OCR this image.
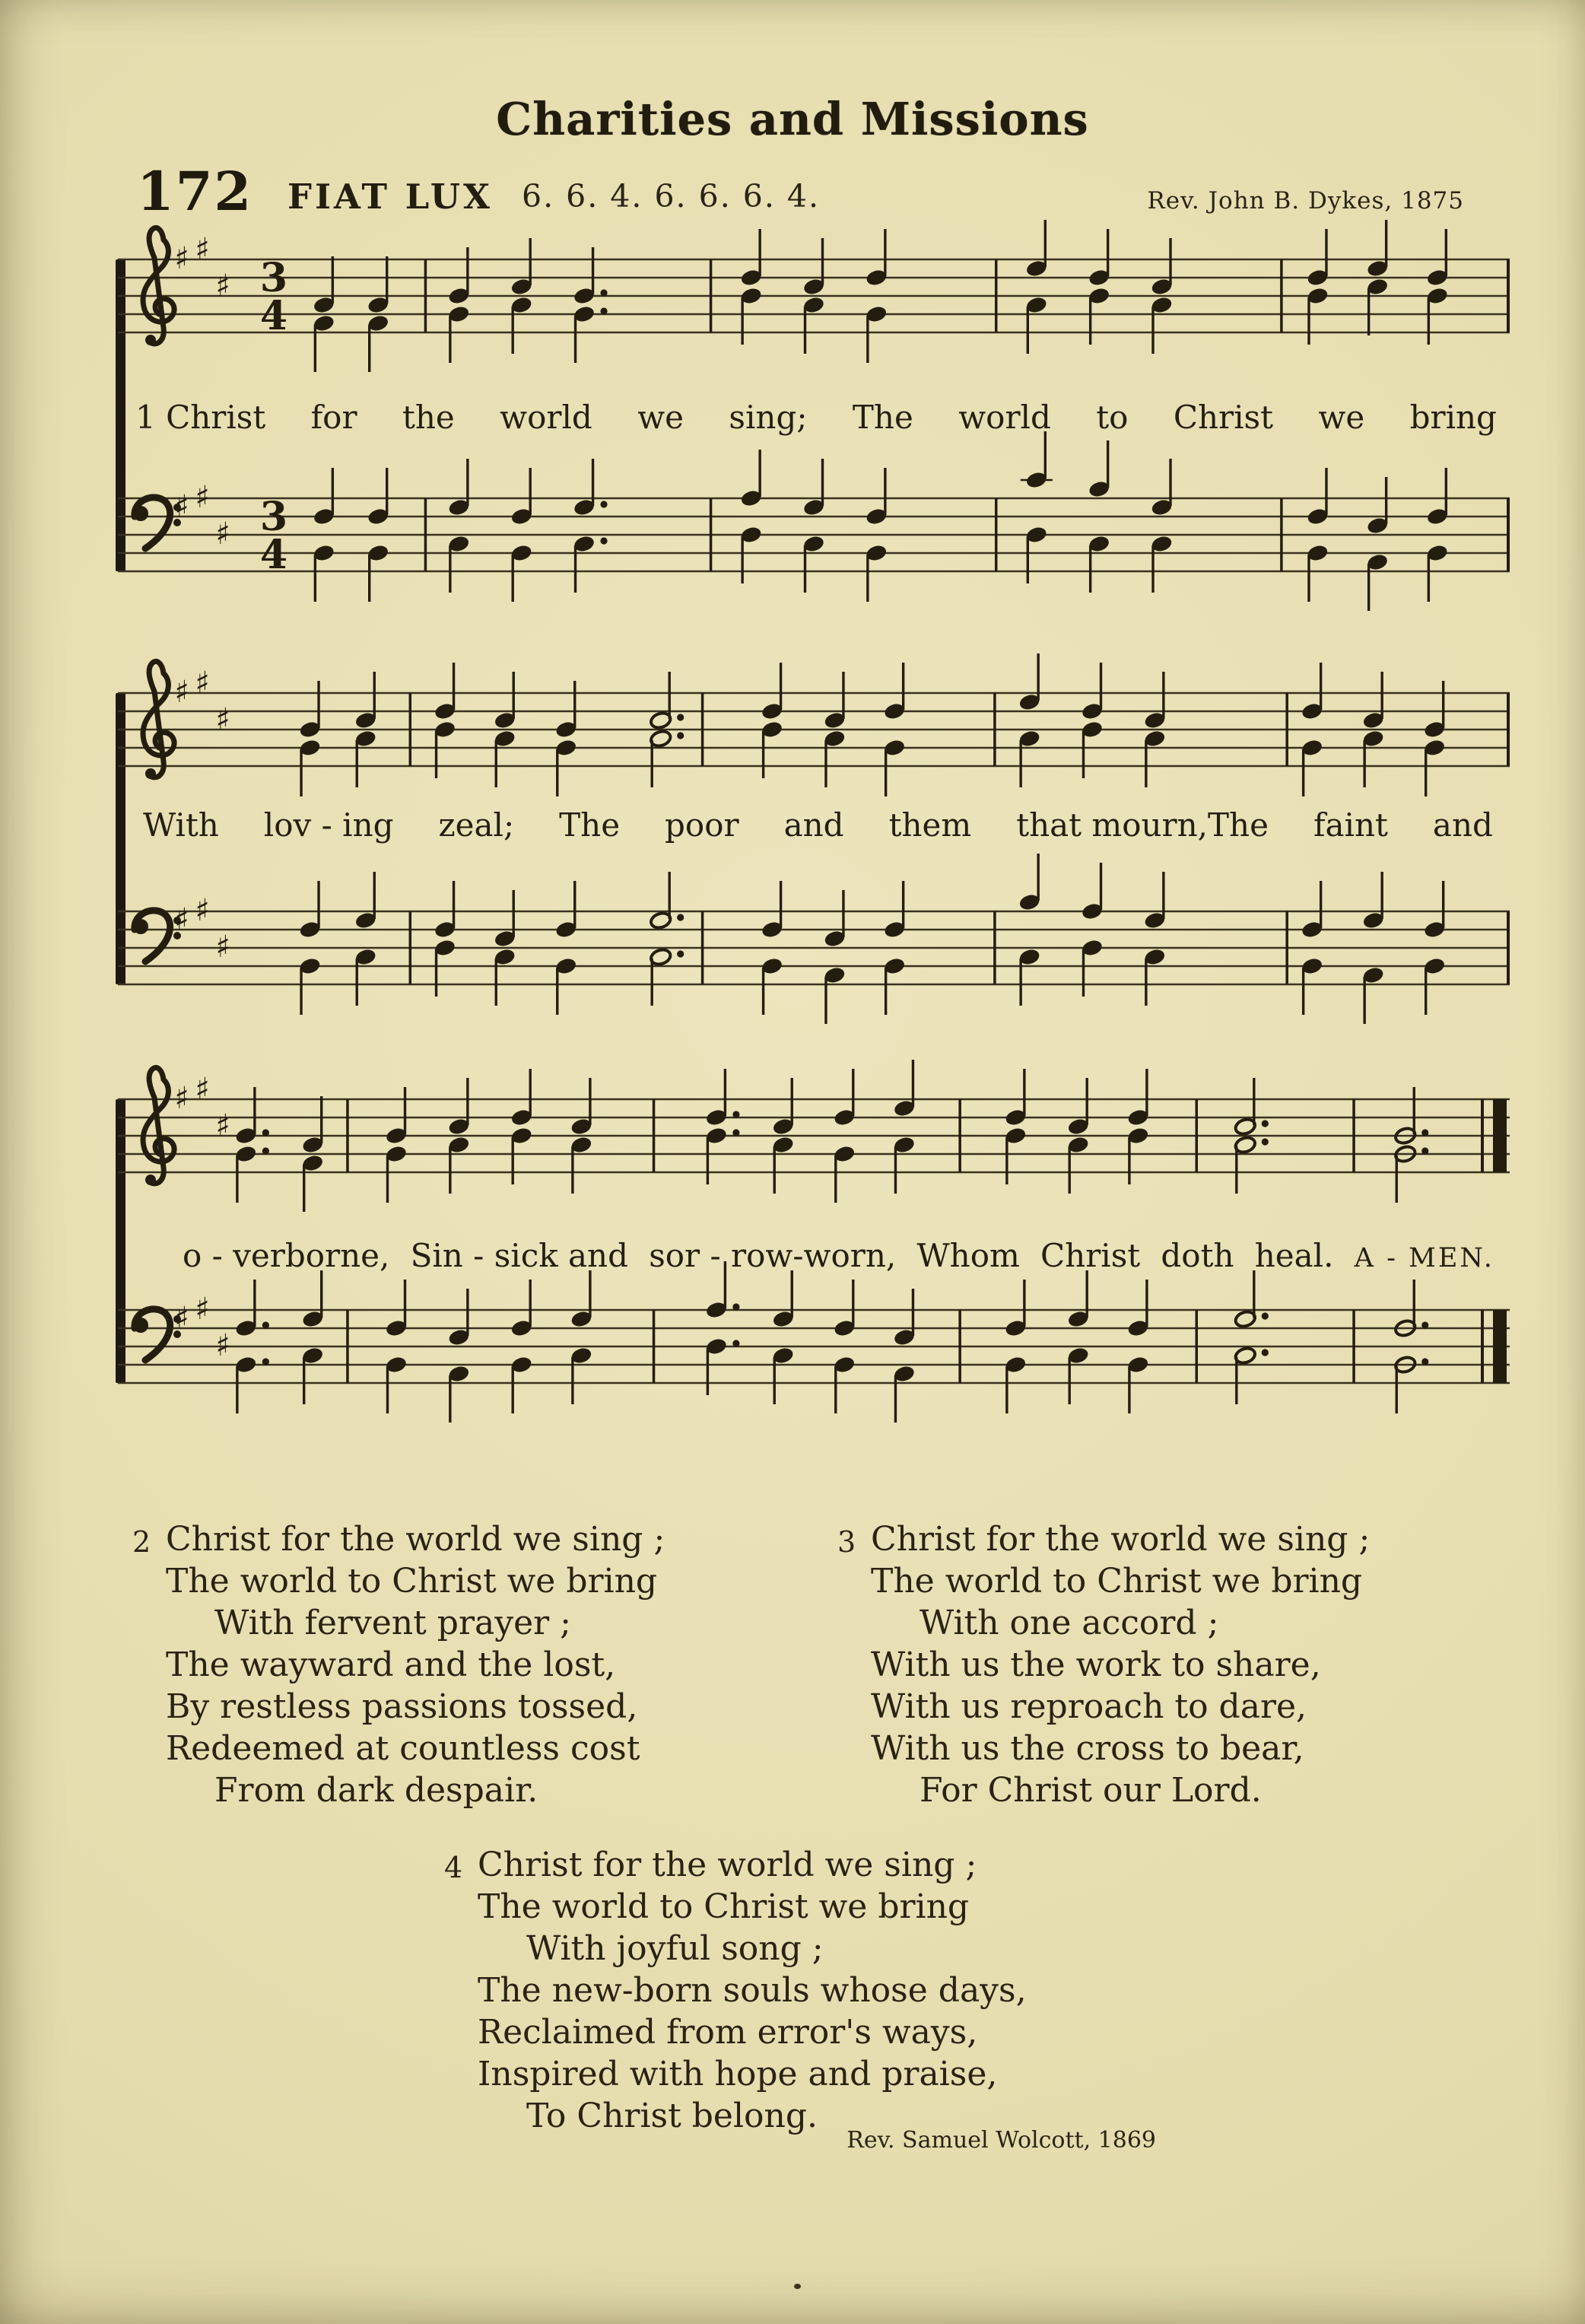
Charities and Missions
172 FIAT LUX 6. 6. 4. 6. 6. 6. 4.	Rev. John B. Dykes, 1875
♯ ♯
♯ 3
4
♯ ♯
♯ 3
4
♯ ♯
♯
♯ ♯
♯
♯ ♯
♯
♯ ♯
♯
1 Christ for the world we sing; The world to Christ we bring
With lov - ing zeal; The poor and them that mourn,The faint and
o - verborne, Sin - sick and sor - row-worn, Whom Christ doth heal. A - MEN.
2 Christ for the world we sing ;
The world to Christ we bring
With fervent prayer ;
The wayward and the lost,
By restless passions tossed,
Redeemed at countless cost
From dark despair.
3 Christ for the world we sing ;
The world to Christ we bring
With one accord ;
With us the work to share,
With us reproach to dare,
With us the cross to bear,
For Christ our Lord.
4 Christ for the world we sing ;
The world to Christ we bring
With joyful song ;
The new-born souls whose days,
Reclaimed from error's ways,
Inspired with hope and praise,
To Christ belong.
Rev. Samuel Wolcott, 1869
